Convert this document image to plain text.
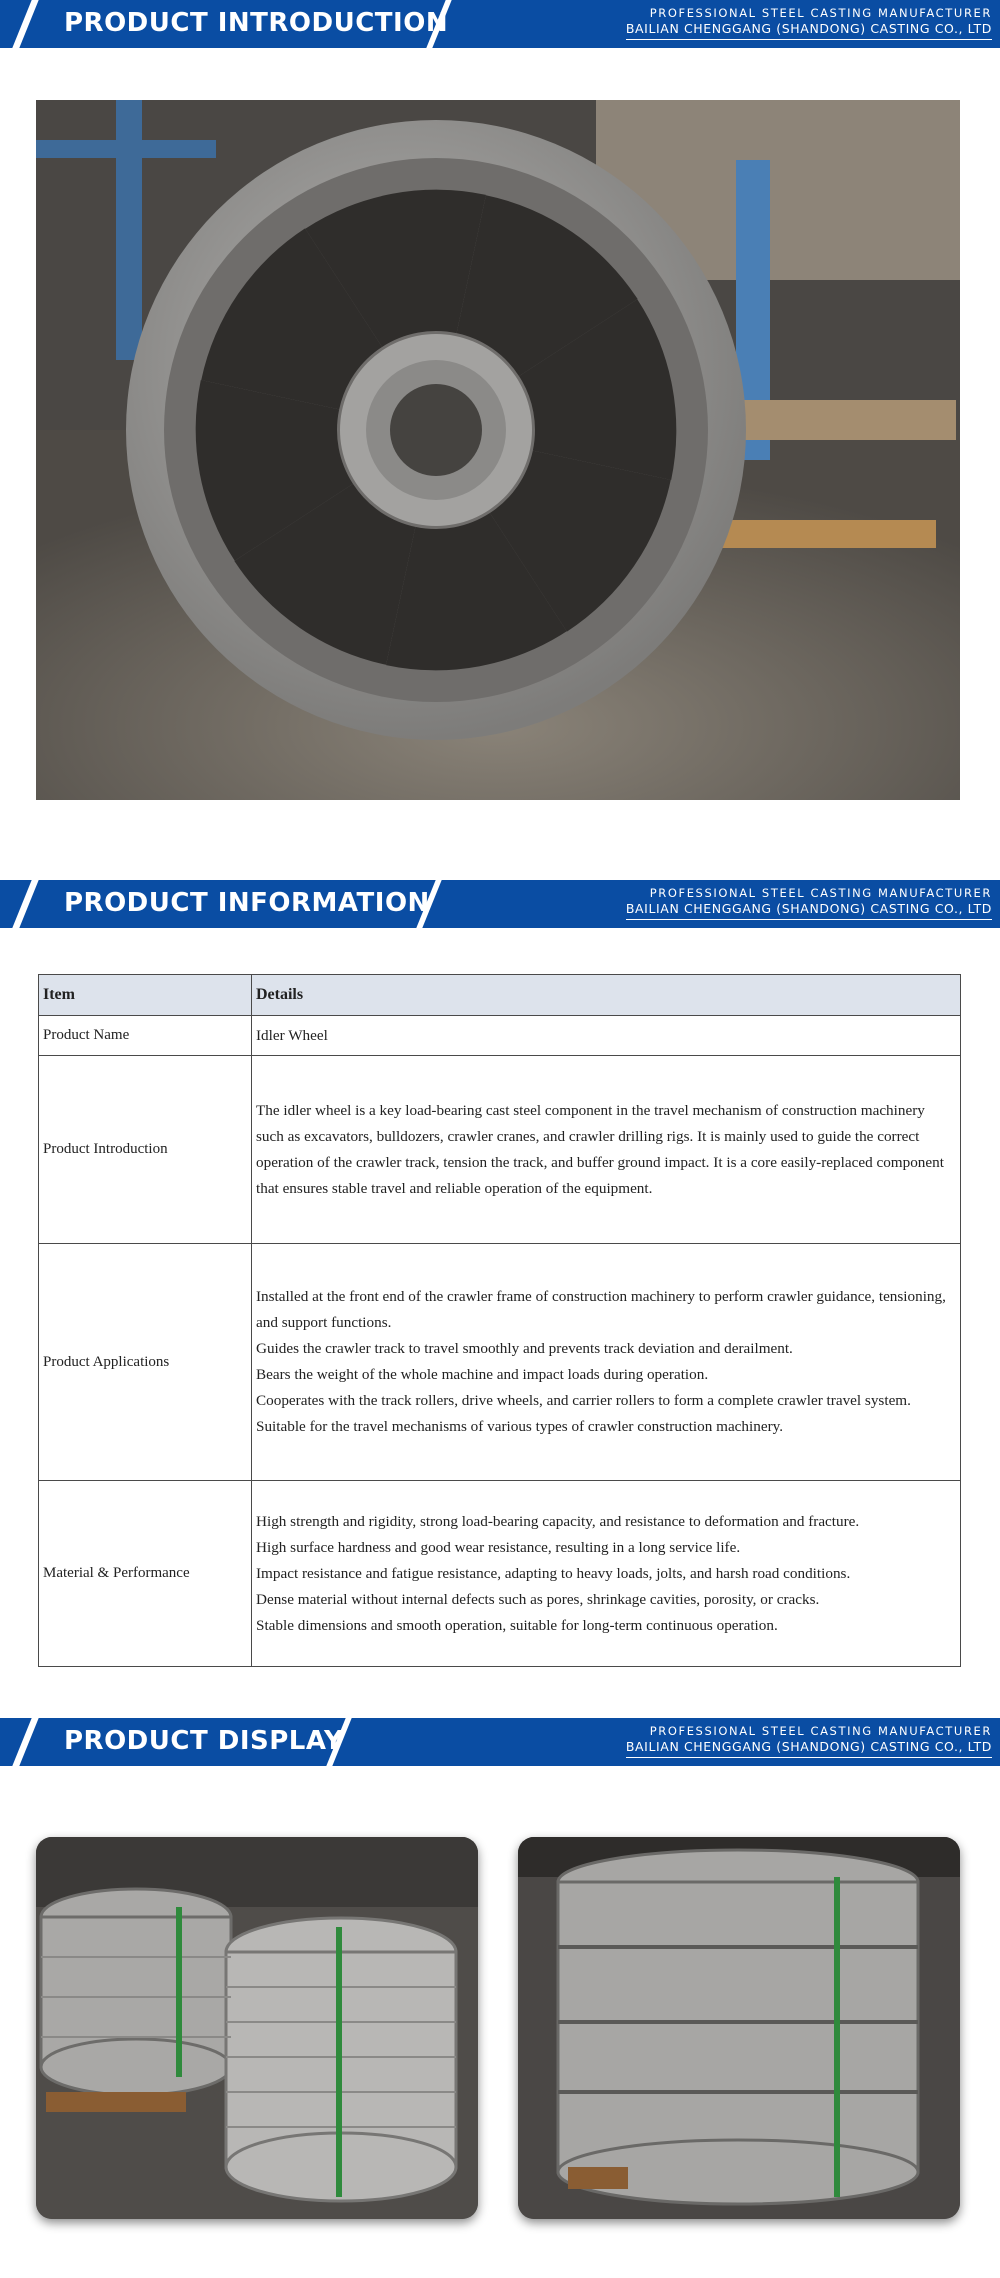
PRODUCT INTRODUCTION	PROFESSIONAL STEEL CASTING MANUFACTURER
BAILIAN CHENGGANG (SHANDONG) CASTING CO., LTD
PRODUCT INFORMATION	PROFESSIONAL STEEL CASTING MANUFACTURER
BAILIAN CHENGGANG (SHANDONG) CASTING CO., LTD
Item	Details
Product Name	Idler Wheel
Product Introduction	The idler wheel is a key load-bearing cast steel component in the travel mechanism of construction machinery such as excavators, bulldozers, crawler cranes, and crawler drilling rigs. It is mainly used to guide the correct operation of the crawler track, tension the track, and buffer ground impact. It is a core easily-replaced component that ensures stable travel and reliable operation of the equipment.
Product Applications	Installed at the front end of the crawler frame of construction machinery to perform crawler guidance, tensioning, and support functions.
Guides the crawler track to travel smoothly and prevents track deviation and derailment.
Bears the weight of the whole machine and impact loads during operation.
Cooperates with the track rollers, drive wheels, and carrier rollers to form a complete crawler travel system.
Suitable for the travel mechanisms of various types of crawler construction machinery.

Material & Performance	High strength and rigidity, strong load-bearing capacity, and resistance to deformation and fracture.
High surface hardness and good wear resistance, resulting in a long service life.
Impact resistance and fatigue resistance, adapting to heavy loads, jolts, and harsh road conditions.
Dense material without internal defects such as pores, shrinkage cavities, porosity, or cracks.
Stable dimensions and smooth operation, suitable for long-term continuous operation.
PRODUCT DISPLAY	PROFESSIONAL STEEL CASTING MANUFACTURER
BAILIAN CHENGGANG (SHANDONG) CASTING CO., LTD
